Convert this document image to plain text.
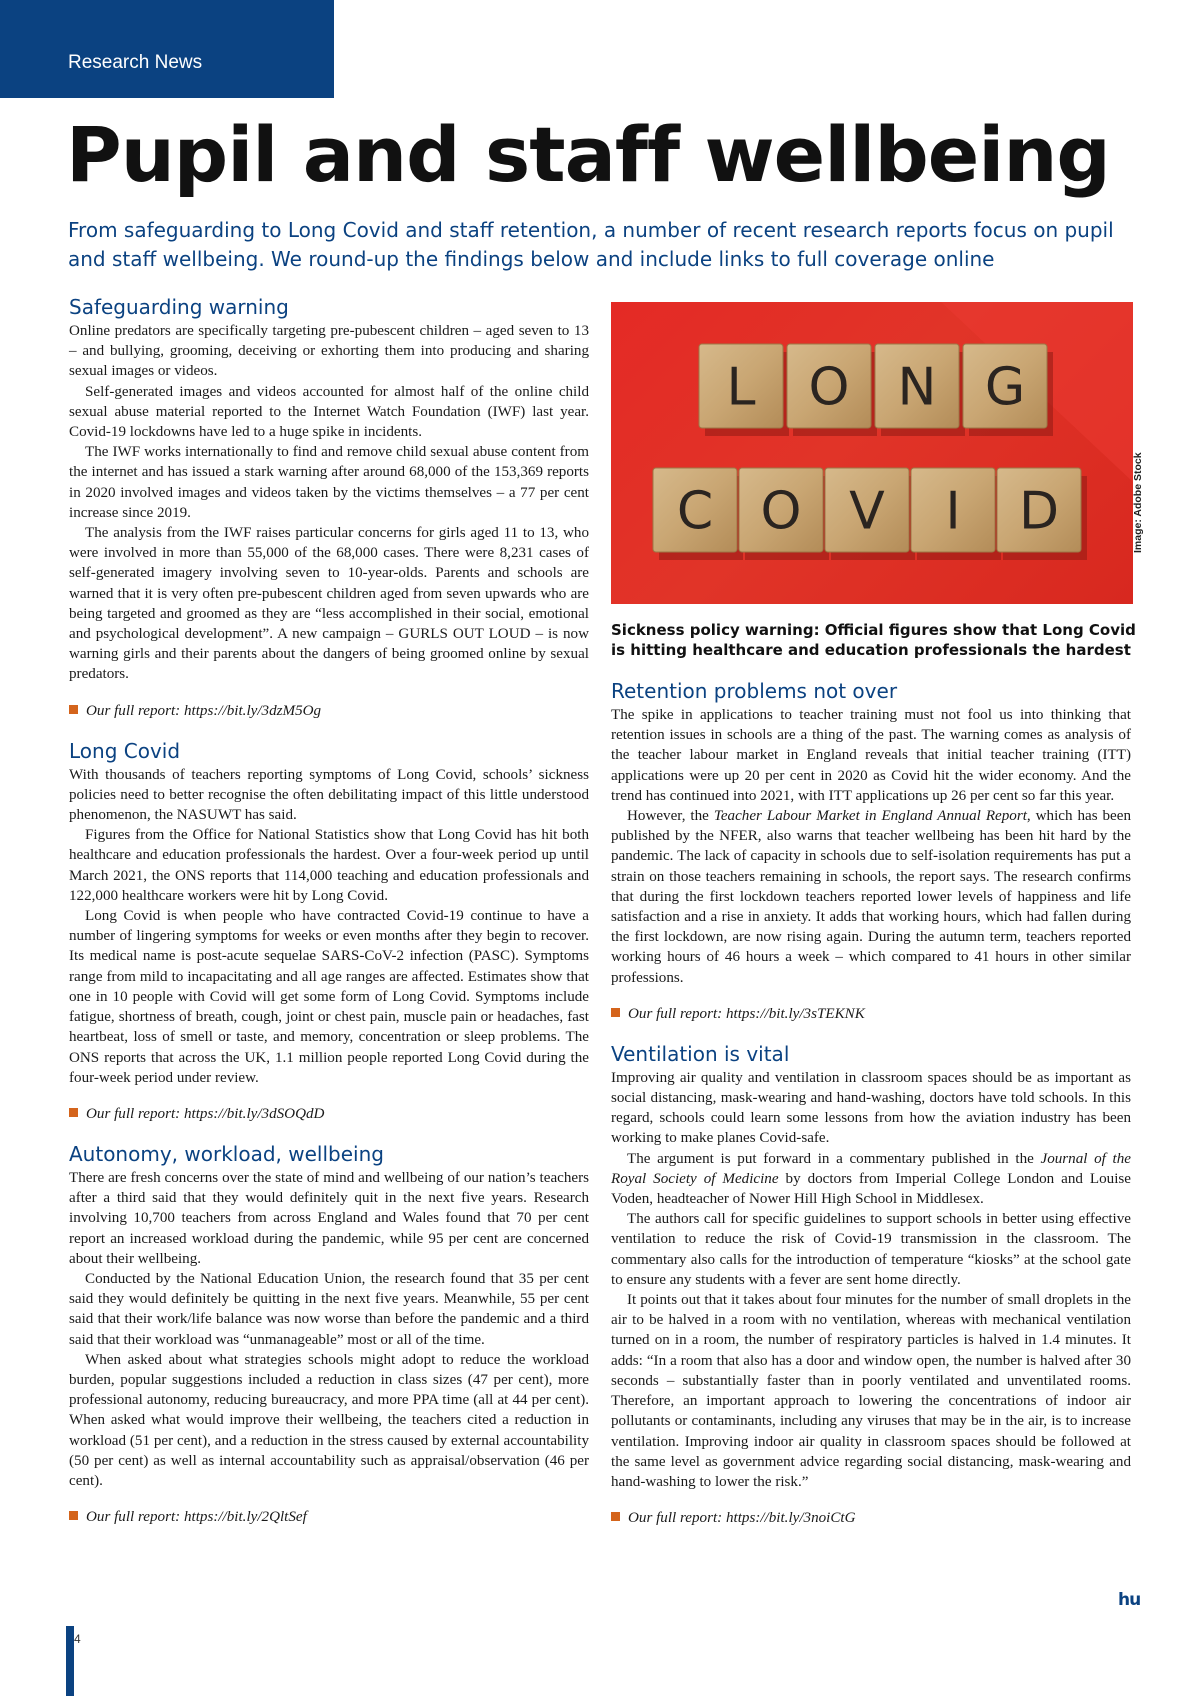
Research News
Pupil and staff wellbeing

From safeguarding to Long Covid and staff retention, a number of recent research reports focus on pupil and staff wellbeing. We round-up the findings below and include links to full coverage online

Safeguarding warning

Online predators are specifically targeting pre-pubescent children – aged seven to 13 – and bullying, grooming, deceiving or exhorting them into producing and sharing sexual images or videos.

Self-generated images and videos accounted for almost half of the online child sexual abuse material reported to the Internet Watch Foundation (IWF) last year. Covid-19 lockdowns have led to a huge spike in incidents.

The IWF works internationally to find and remove child sexual abuse content from the internet and has issued a stark warning after around 68,000 of the 153,369 reports in 2020 involved images and videos taken by the victims themselves – a 77 per cent increase since 2019.

The analysis from the IWF raises particular concerns for girls aged 11 to 13, who were involved in more than 55,000 of the 68,000 cases. There were 8,231 cases of self-generated imagery involving seven to 10-year-olds. Parents and schools are warned that it is very often pre-pubescent children aged from seven upwards who are being targeted and groomed as they are “less accomplished in their social, emotional and psychological development”. A new campaign – GURLS OUT LOUD – is now warning girls and their parents about the dangers of being groomed online by sexual predators.

Our full report: https://bit.ly/3dzM5Og

Long Covid

With thousands of teachers reporting symptoms of Long Covid, schools’ sickness policies need to better recognise the often debilitating impact of this little understood phenomenon, the NASUWT has said.

Figures from the Office for National Statistics show that Long Covid has hit both healthcare and education professionals the hardest. Over a four-week period up until March 2021, the ONS reports that 114,000 teaching and education professionals and 122,000 healthcare workers were hit by Long Covid.

Long Covid is when people who have contracted Covid-19 continue to have a number of lingering symptoms for weeks or even months after they begin to recover. Its medical name is post-acute sequelae SARS-CoV-2 infection (PASC). Symptoms range from mild to incapacitating and all age ranges are affected. Estimates show that one in 10 people with Covid will get some form of Long Covid. Symptoms include fatigue, shortness of breath, cough, joint or chest pain, muscle pain or headaches, fast heartbeat, loss of smell or taste, and memory, concentration or sleep problems. The ONS reports that across the UK, 1.1 million people reported Long Covid during the four-week period under review.

Our full report: https://bit.ly/3dSOQdD

Autonomy, workload, wellbeing

There are fresh concerns over the state of mind and wellbeing of our nation’s teachers after a third said that they would definitely quit in the next five years. Research involving 10,700 teachers from across England and Wales found that 70 per cent report an increased workload during the pandemic, while 95 per cent are concerned about their wellbeing.

Conducted by the National Education Union, the research found that 35 per cent said they would definitely be quitting in the next five years. Meanwhile, 55 per cent said that their work/life balance was now worse than before the pandemic and a third said that their workload was “unmanageable” most or all of the time.

When asked about what strategies schools might adopt to reduce the workload burden, popular suggestions included a reduction in class sizes (47 per cent), more professional autonomy, reducing bureaucracy, and more PPA time (all at 44 per cent). When asked what would improve their wellbeing, the teachers cited a reduction in workload (51 per cent), and a reduction in the stress caused by external accountability (50 per cent) as well as internal accountability such as appraisal/observation (46 per cent).

Our full report: https://bit.ly/2QltSef

L O N G
C O V I D	Image: Adobe Stock

Sickness policy warning: Official figures show that Long Covid is hitting healthcare and education professionals the hardest

Retention problems not over

The spike in applications to teacher training must not fool us into thinking that retention issues in schools are a thing of the past. The warning comes as analysis of the teacher labour market in England reveals that initial teacher training (ITT) applications were up 20 per cent in 2020 as Covid hit the wider economy. And the trend has continued into 2021, with ITT applications up 26 per cent so far this year.

However, the Teacher Labour Market in England Annual Report, which has been published by the NFER, also warns that teacher wellbeing has been hit hard by the pandemic. The lack of capacity in schools due to self-isolation requirements has put a strain on those teachers remaining in schools, the report says. The research confirms that during the first lockdown teachers reported lower levels of happiness and life satisfaction and a rise in anxiety. It adds that working hours, which had fallen during the first lockdown, are now rising again. During the autumn term, teachers reported working hours of 46 hours a week – which compared to 41 hours in other similar professions.

Our full report: https://bit.ly/3sTEKNK

Ventilation is vital

Improving air quality and ventilation in classroom spaces should be as important as social distancing, mask-wearing and hand-washing, doctors have told schools. In this regard, schools could learn some lessons from how the aviation industry has been working to make planes Covid-safe.

The argument is put forward in a commentary published in the Journal of the Royal Society of Medicine by doctors from Imperial College London and Louise Voden, headteacher of Nower Hill High School in Middlesex.

The authors call for specific guidelines to support schools in better using effective ventilation to reduce the risk of Covid-19 transmission in the classroom. The commentary also calls for the introduction of temperature “kiosks” at the school gate to ensure any students with a fever are sent home directly.

It points out that it takes about four minutes for the number of small droplets in the air to be halved in a room with no ventilation, whereas with mechanical ventilation turned on in a room, the number of respiratory particles is halved in 1.4 minutes. It adds: “In a room that also has a door and window open, the number is halved after 30 seconds – substantially faster than in poorly ventilated and unventilated rooms. Therefore, an important approach to lowering the concentrations of indoor air pollutants or contaminants, including any viruses that may be in the air, is to increase ventilation. Improving indoor air quality in classroom spaces should be followed at the same level as government advice regarding social distancing, mask-wearing and hand-washing to lower the risk.”

Our full report: https://bit.ly/3noiCtG

hu
4
